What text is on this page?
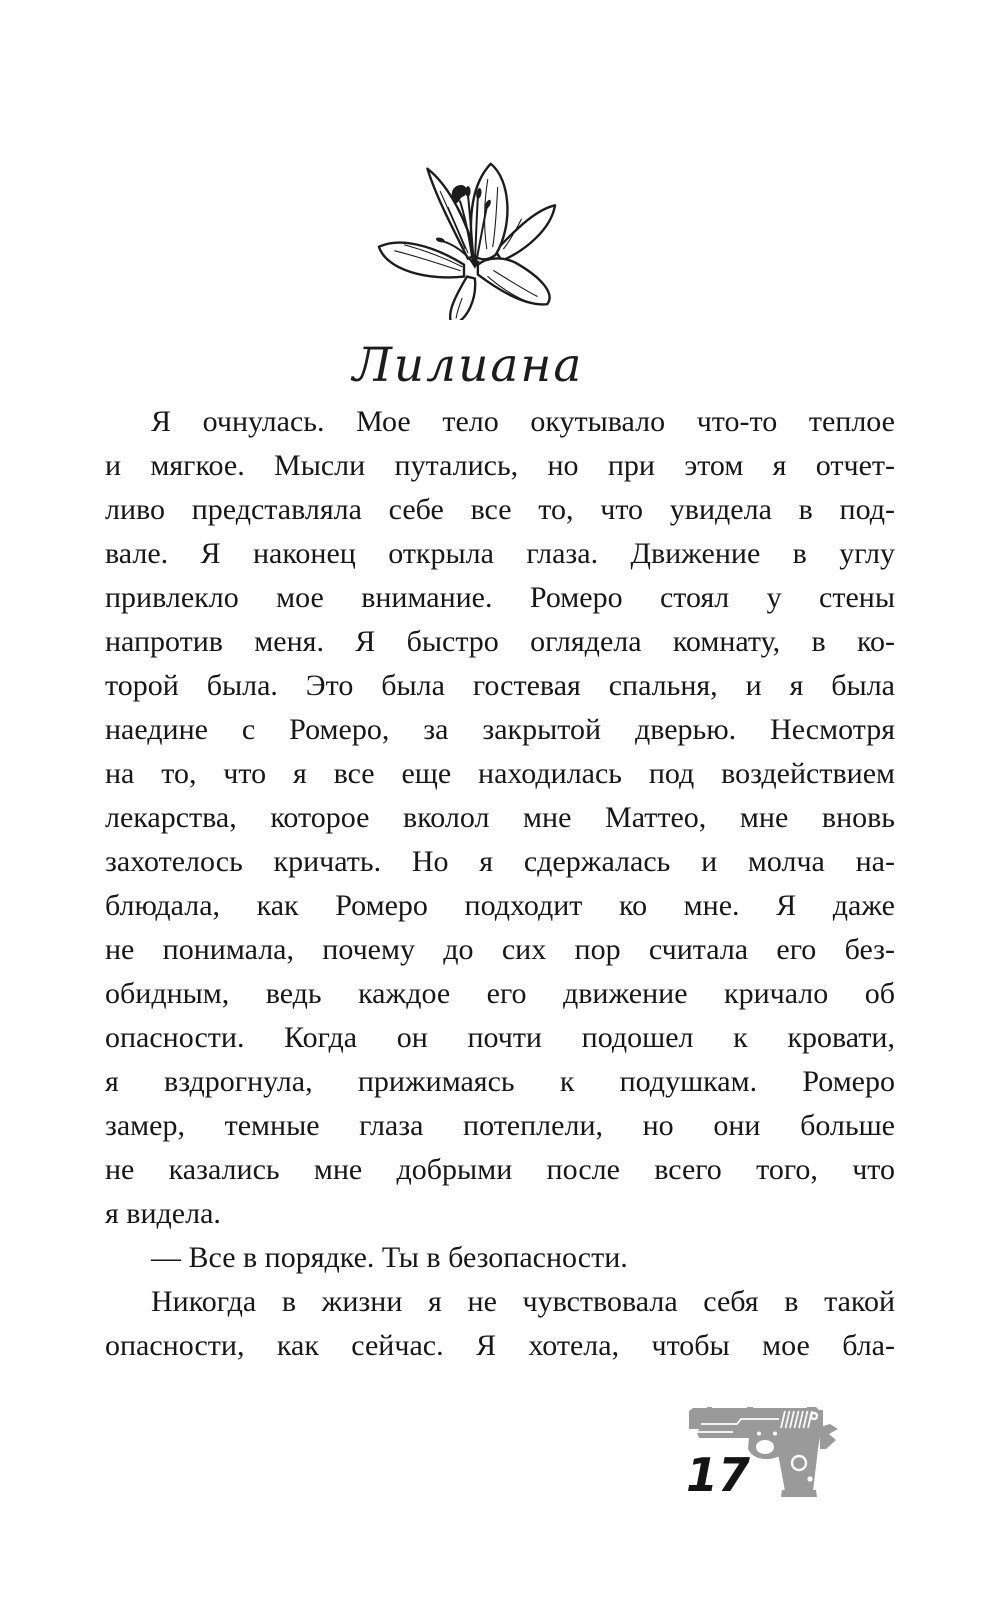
Лилиана
Я очнулась. Мое тело окутывало что-то теплое
и мягкое. Мысли путались, но при этом я отчет-
ливо представляла себе все то, что увидела в под-
вале. Я наконец открыла глаза. Движение в углу
привлекло мое внимание. Ромеро стоял у стены
напротив меня. Я быстро оглядела комнату, в ко-
торой была. Это была гостевая спальня, и я была
наедине с Ромеро, за закрытой дверью. Несмотря
на то, что я все еще находилась под воздействием
лекарства, которое вколол мне Маттео, мне вновь
захотелось кричать. Но я сдержалась и молча на-
блюдала, как Ромеро подходит ко мне. Я даже
не понимала, почему до сих пор считала его без-
обидным, ведь каждое его движение кричало об
опасности. Когда он почти подошел к кровати,
я вздрогнула, прижимаясь к подушкам. Ромеро
замер, темные глаза потеплели, но они больше
не казались мне добрыми после всего того, что
я видела.
— Все в порядке. Ты в безопасности.
Никогда в жизни я не чувствовала себя в такой
опасности, как сейчас. Я хотела, чтобы мое бла-
17
